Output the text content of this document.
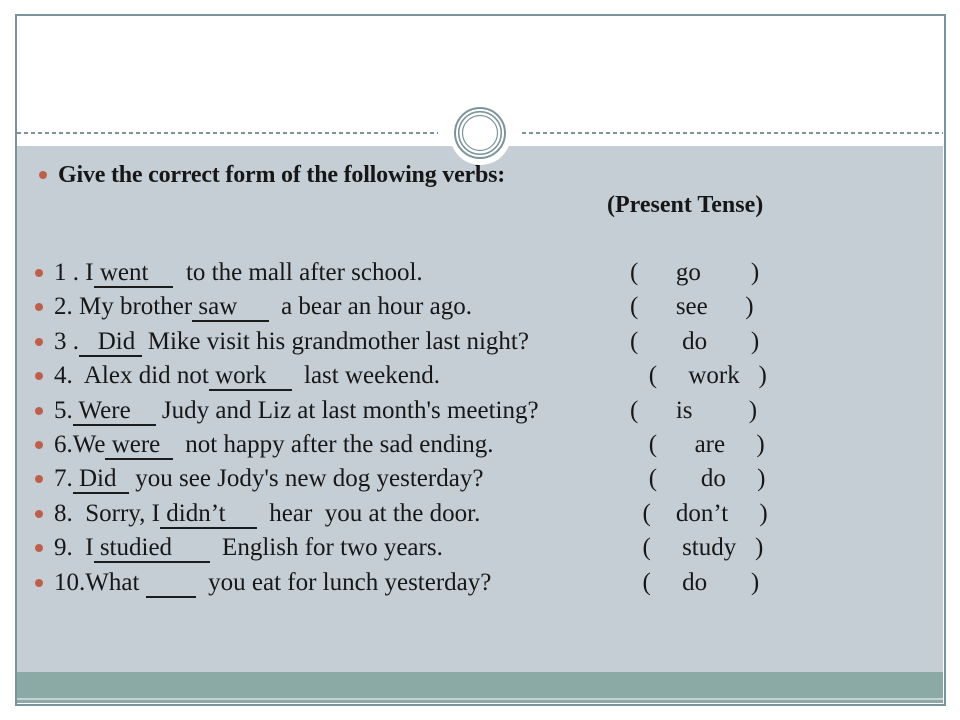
Give the correct form of the following verbs:
(Present Tense)
1 . I went      to the mall after school.	(      go        )
2. My brother saw       a bear an hour ago.	(      see      )
3 .   Did  Mike visit his grandmother last night?	(       do       )
4.  Alex did not work      last weekend.	(     work   )
5. Were     Judy and Liz at last month's meeting?	(      is         )
6.We were    not happy after the sad ending.	(      are     )
7. Did   you see Jody's new dog yesterday?	(       do     )
8.  Sorry, I didn’t       hear  you at the door.	(    don’t     )
9.  I studied        English for two years.	(     study   )
10.What           you eat for lunch yesterday?	(     do       )
